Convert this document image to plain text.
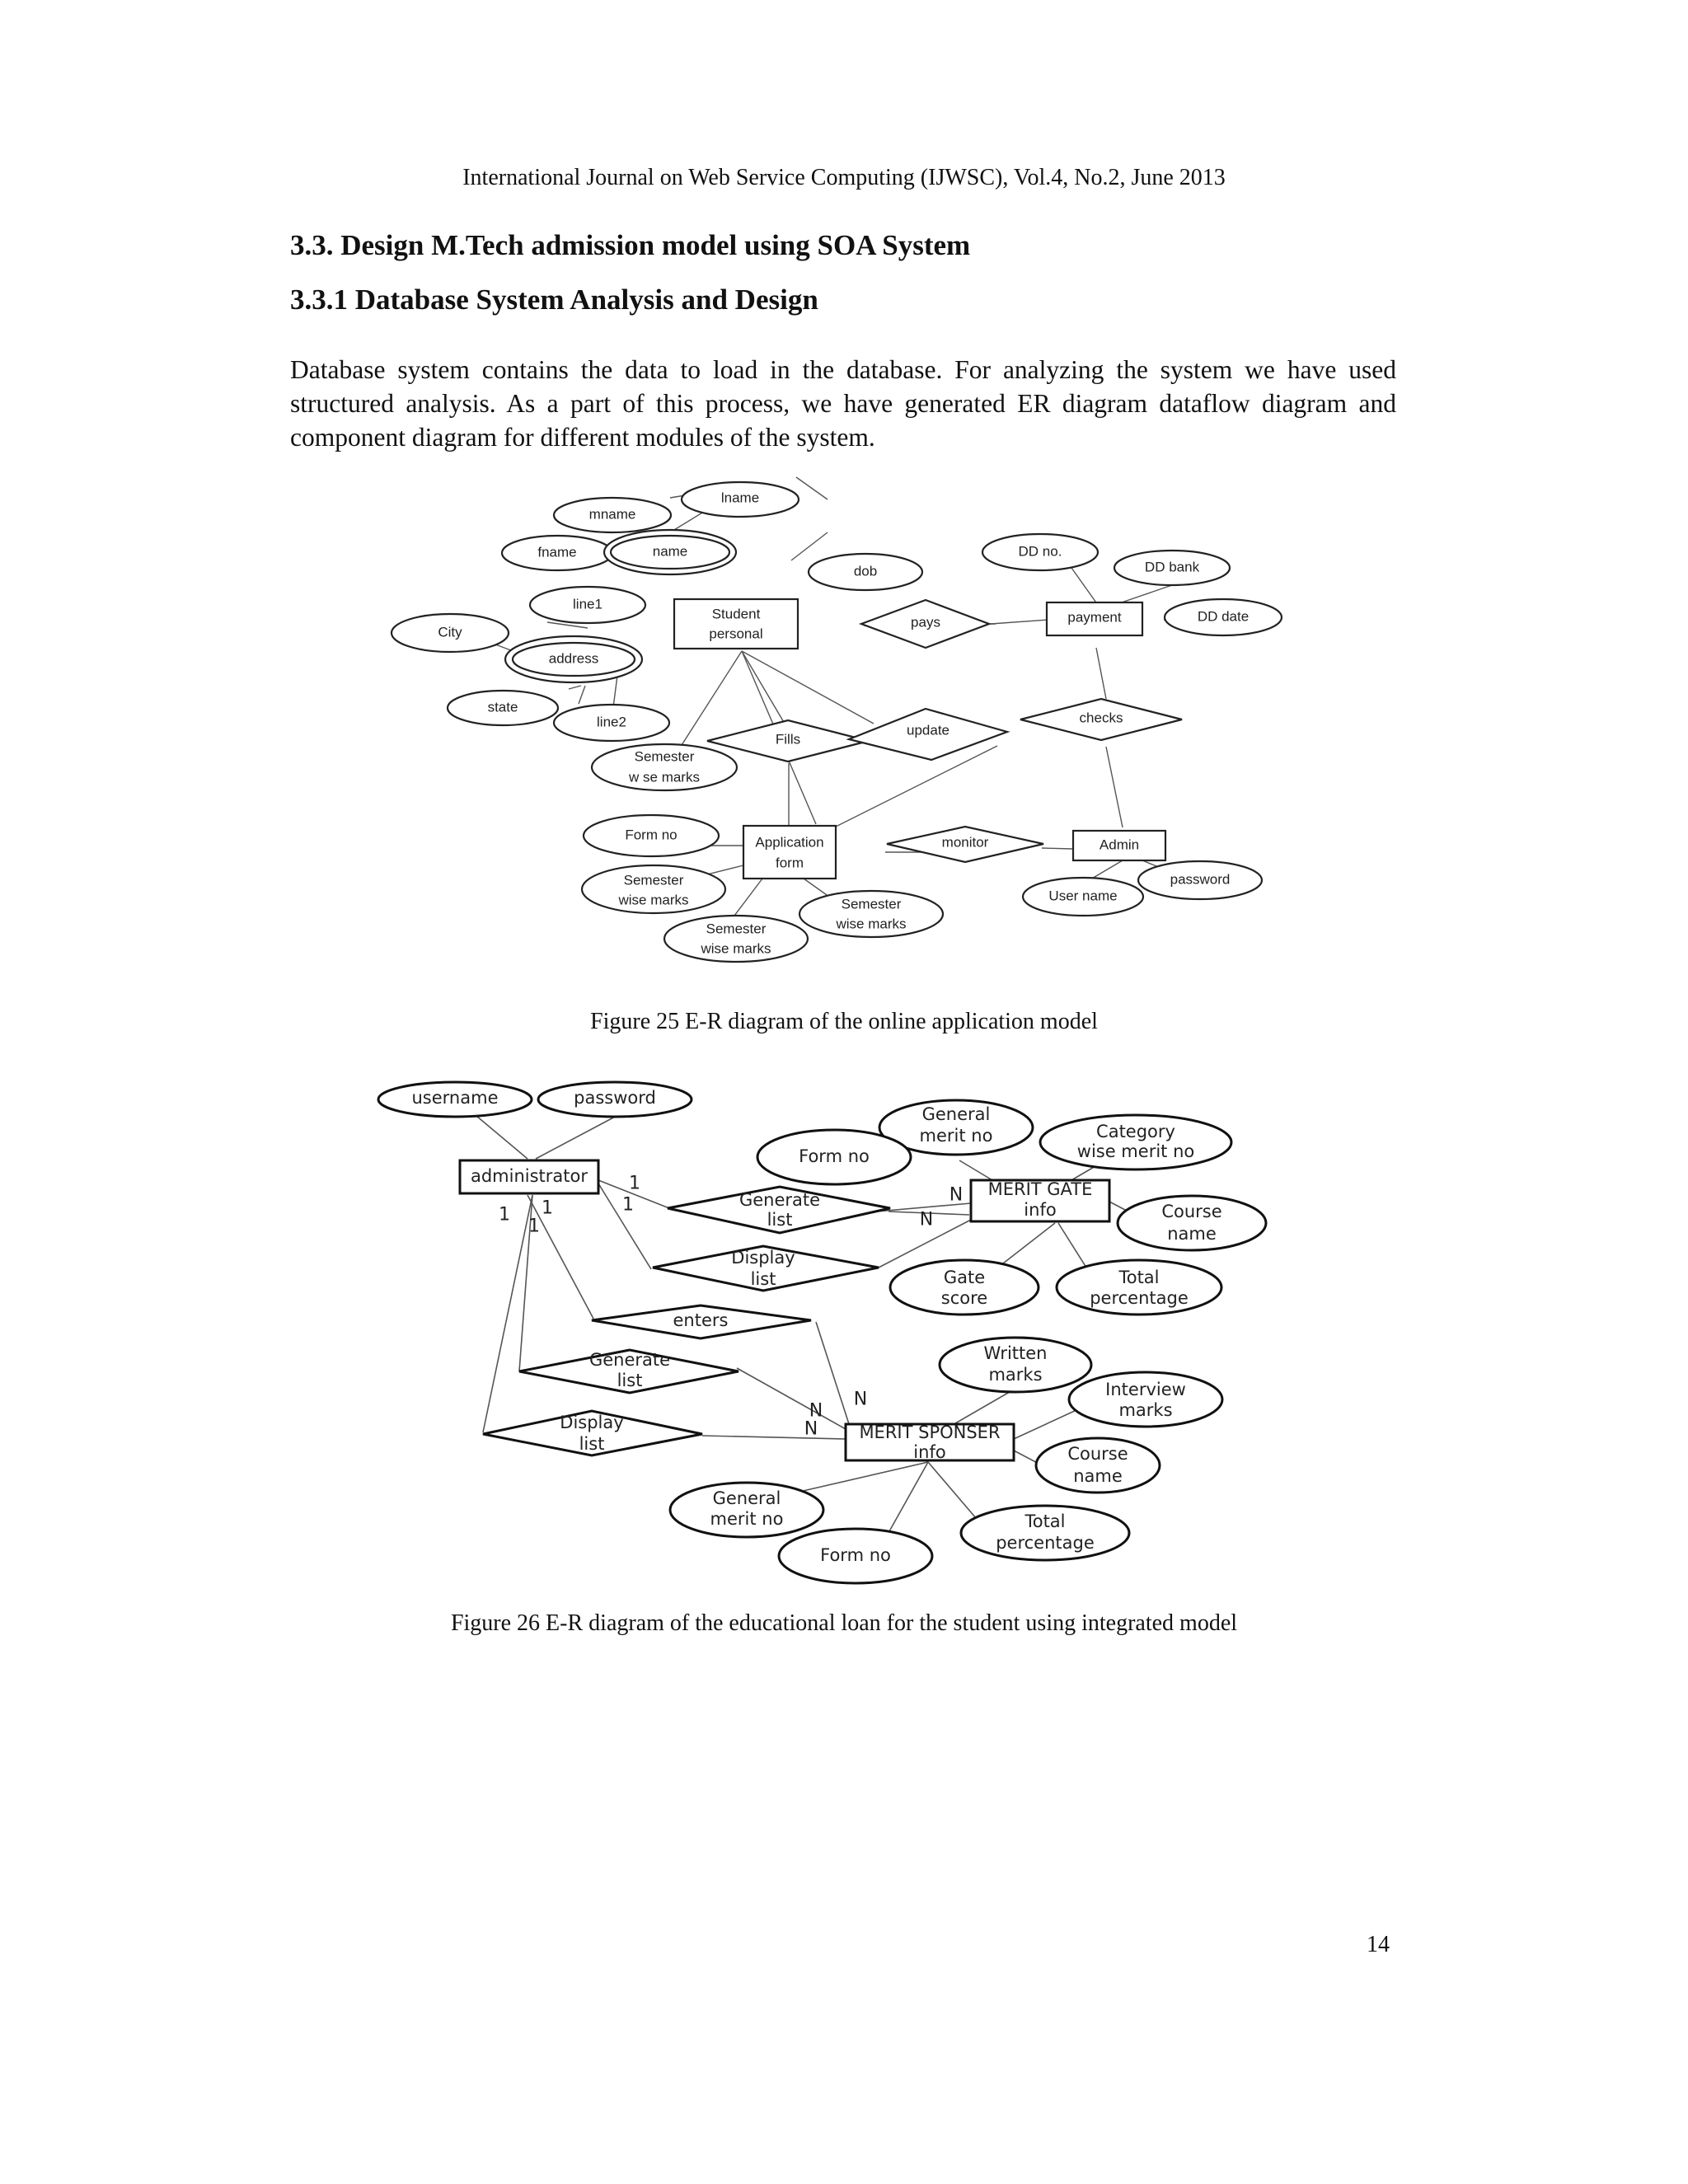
International Journal on Web Service Computing (IJWSC), Vol.4, No.2, June 2013
3.3. Design M.Tech admission model using SOA System
3.3.1 Database System Analysis and Design
Database system contains the data to load in the database. For analyzing the system we have used structured analysis. As a part of this process, we have generated ER diagram dataflow diagram and component diagram for different modules of the system.
lname
mname
fname	name
dob
DD no.
DD bank
DD date
line1
City
address
state
line2
Semester
w se marks
Form no
Semester
wise marks
Semester
wise marks
Semester
wise marks
User name
password
pays
checks
Fills
update
monitor
Student
personal
payment
Application
form
Admin
Figure 25 E-R diagram of the online application model
username	password
General
merit no	Category
wise merit no
Form no
Course
name
Gate
score
Total
percentage
Written
marks
Interview
marks
Course
name
General
merit no	Total
percentage
Form no
Generate
list
Display
list
enters
Generate
list
Display
list
administrator
MERIT GATE
info
MERIT SPONSER
info
1
1
1 1
1
N
N
N
N
N
Figure 26 E-R diagram of the educational loan for the student using integrated model
14
